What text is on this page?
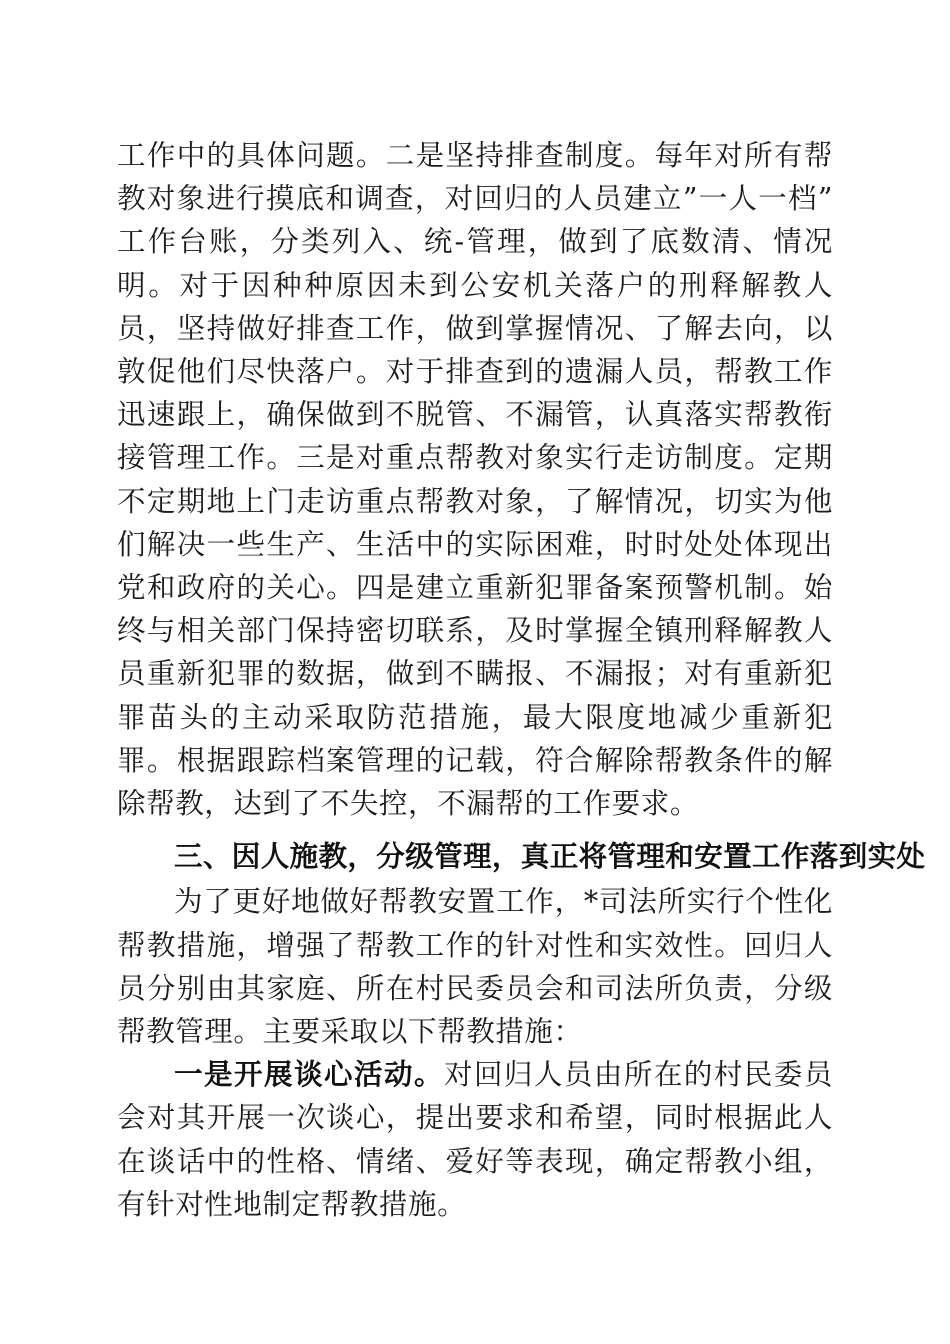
工作中的具体问题。二是坚持排查制度。每年对所有帮教对象进行摸底和调查，对回归的人员建立”一人一档”工作台账，分类列入、统-管理，做到了底数清、情况明。对于因种种原因未到公安机关落户的刑释解教人员，坚持做好排查工作，做到掌握情况、了解去向，以敦促他们尽快落户。对于排查到的遗漏人员，帮教工作迅速跟上，确保做到不脱管、不漏管，认真落实帮教衔接管理工作。三是对重点帮教对象实行走访制度。定期不定期地上门走访重点帮教对象，了解情况，切实为他们解决一些生产、生活中的实际困难，时时处处体现出党和政府的关心。四是建立重新犯罪备案预警机制。始终与相关部门保持密切联系，及时掌握全镇刑释解教人员重新犯罪的数据，做到不瞒报、不漏报；对有重新犯罪苗头的主动采取防范措施，最大限度地减少重新犯罪。根据跟踪档案管理的记载，符合解除帮教条件的解除帮教，达到了不失控，不漏帮的工作要求。

三、因人施教，分级管理，真正将管理和安置工作落到实处

为了更好地做好帮教安置工作，*司法所实行个性化帮教措施，增强了帮教工作的针对性和实效性。回归人员分别由其家庭、所在村民委员会和司法所负责，分级帮教管理。主要采取以下帮教措施：

一是开展谈心活动。对回归人员由所在的村民委员会对其开展一次谈心，提出要求和希望，同时根据此人在谈话中的性格、情绪、爱好等表现，确定帮教小组，有针对性地制定帮教措施。
